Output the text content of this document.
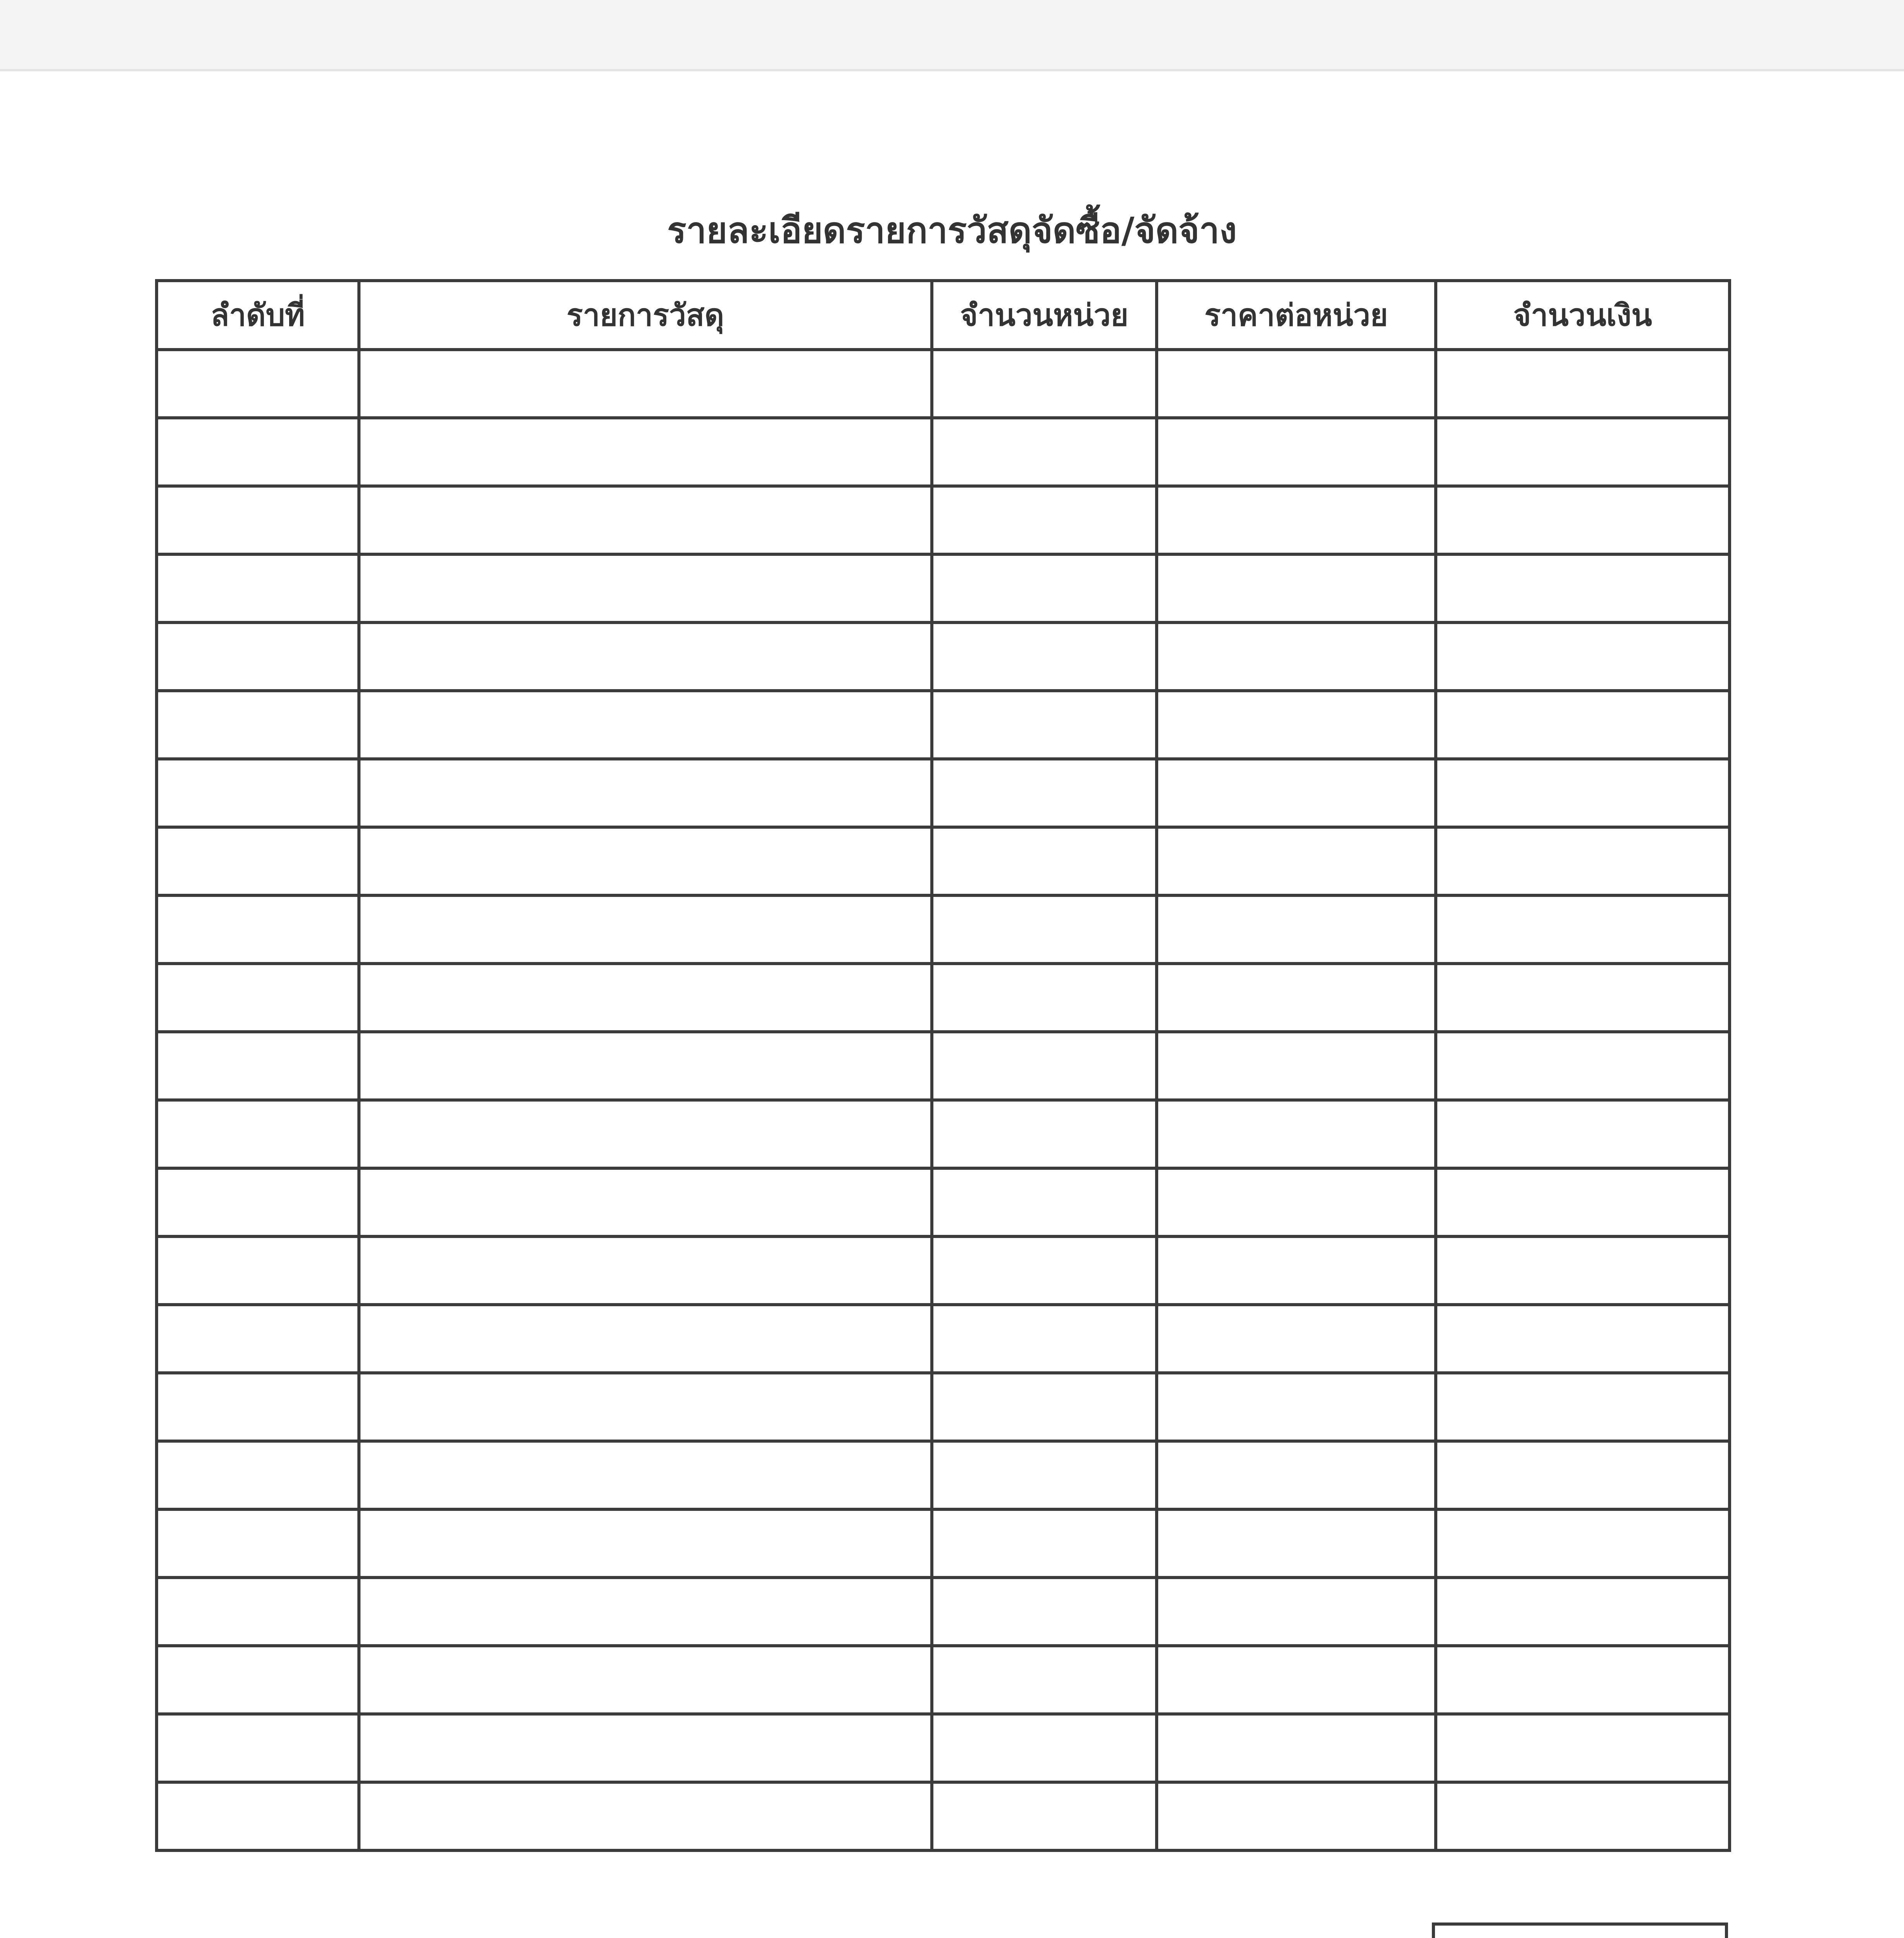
รายละเอียดรายการวัสดุจัดซื้อ/จัดจ้าง
ลำดับที่	รายการวัสดุ	จำนวนหน่วย	ราคาต่อหน่วย	จำนวนเงิน
